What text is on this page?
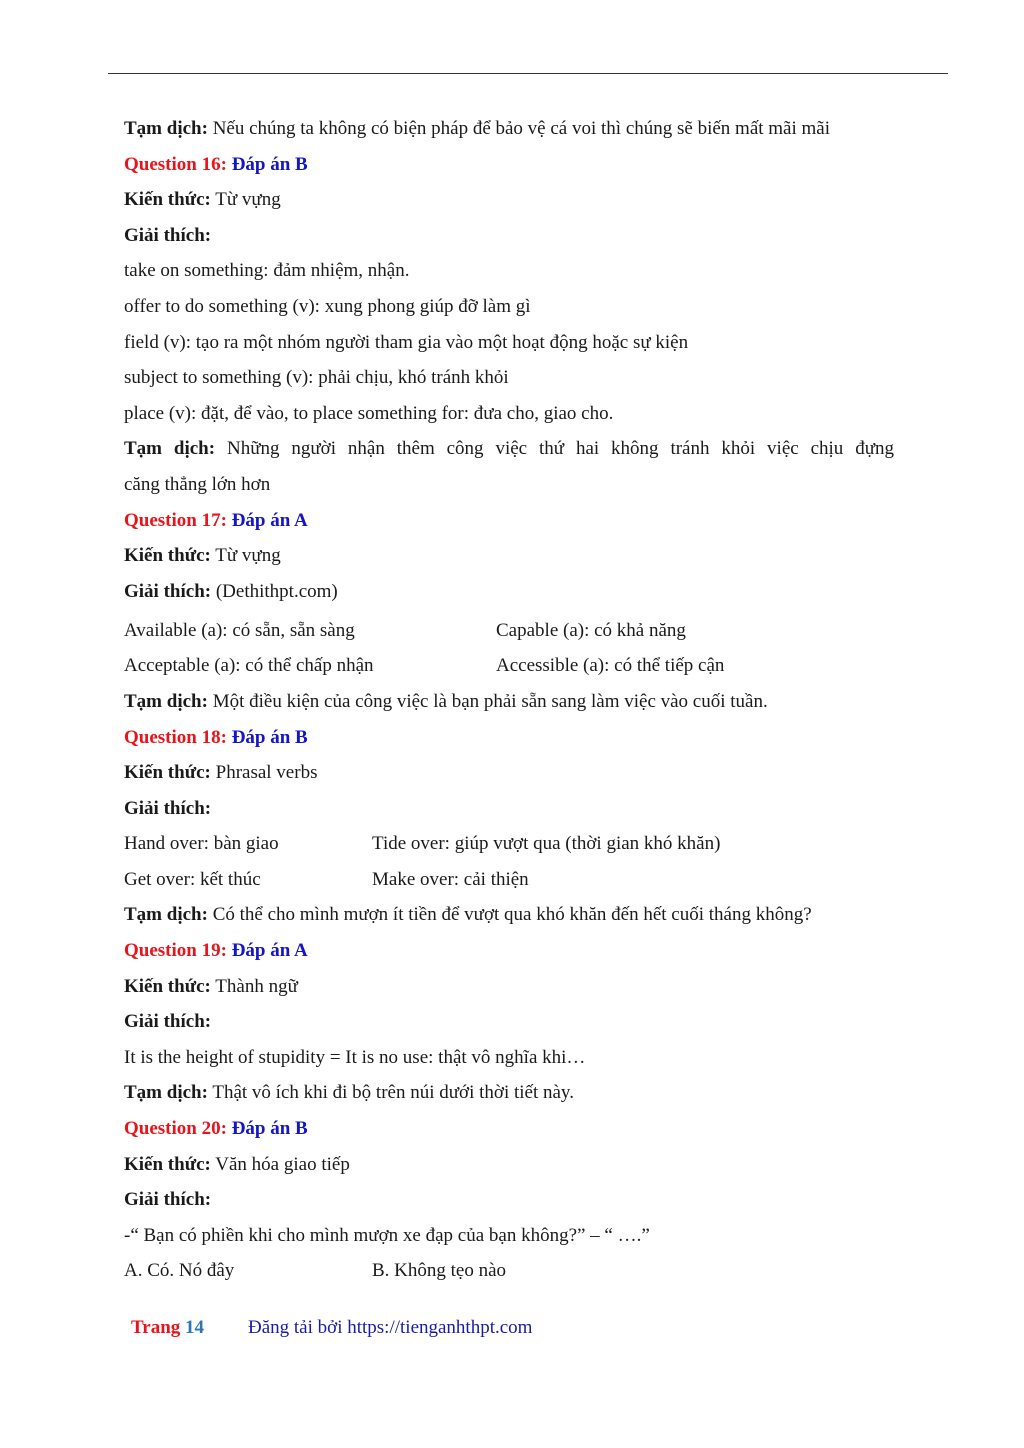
Tạm dịch: Nếu chúng ta không có biện pháp để bảo vệ cá voi thì chúng sẽ biến mất mãi mãi
Question 16: Đáp án B
Kiến thức: Từ vựng
Giải thích:
take on something: đảm nhiệm, nhận.
offer to do something (v): xung phong giúp đỡ làm gì
field (v): tạo ra một nhóm người tham gia vào một hoạt động hoặc sự kiện
subject to something (v): phải chịu, khó tránh khỏi
place (v): đặt, để vào, to place something for: đưa cho, giao cho.
Tạm dịch: Những người nhận thêm công việc thứ hai không tránh khỏi việc chịu đựng
căng thẳng lớn hơn
Question 17: Đáp án A
Kiến thức: Từ vựng
Giải thích: (Dethithpt.com)
Available (a): có sẵn, sẵn sàng	Capable (a): có khả năng
Acceptable (a): có thể chấp nhận	Accessible (a): có thể tiếp cận
Tạm dịch: Một điều kiện của công việc là bạn phải sẵn sang làm việc vào cuối tuần.
Question 18: Đáp án B
Kiến thức: Phrasal verbs
Giải thích:
Hand over: bàn giao	Tide over: giúp vượt qua (thời gian khó khăn)
Get over: kết thúc	Make over: cải thiện
Tạm dịch: Có thể cho mình mượn ít tiền để vượt qua khó khăn đến hết cuối tháng không?
Question 19: Đáp án A
Kiến thức: Thành ngữ
Giải thích:
It is the height of stupidity = It is no use: thật vô nghĩa khi…
Tạm dịch: Thật vô ích khi đi bộ trên núi dưới thời tiết này.
Question 20: Đáp án B
Kiến thức: Văn hóa giao tiếp
Giải thích:
-“ Bạn có phiền khi cho mình mượn xe đạp của bạn không?” – “ ….”
A. Có. Nó đây	B. Không tẹo nào
Trang 14 Đăng tải bởi https://tienganhthpt.com
